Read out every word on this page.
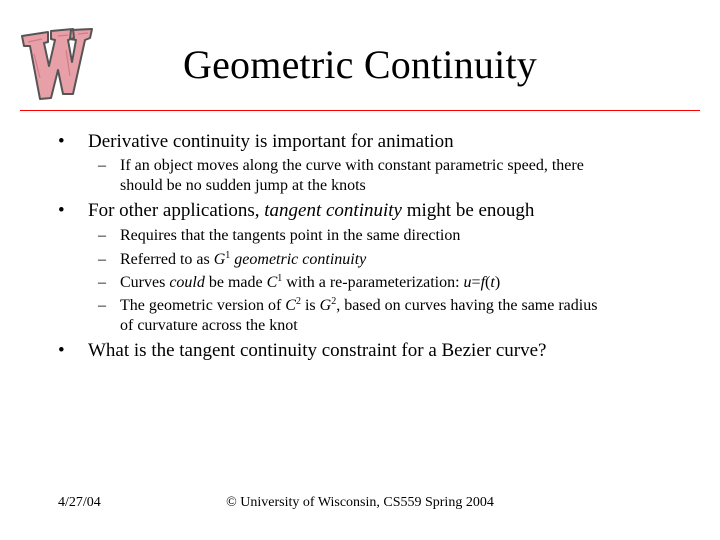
Geometric Continuity
• Derivative continuity is important for animation
– If an object moves along the curve with constant parametric speed, there
should be no sudden jump at the knots
• For other applications, tangent continuity might be enough
– Requires that the tangents point in the same direction
– Referred to as $G^1$ geometric continuity
– Curves could be made $C^1$ with a re-parameterization: u=f(t)
– The geometric version of $C^2$ is $G^2$, based on curves having the same radius
of curvature across the knot
• What is the tangent continuity constraint for a Bezier curve?
4/27/04	© University of Wisconsin, CS559 Spring 2004
